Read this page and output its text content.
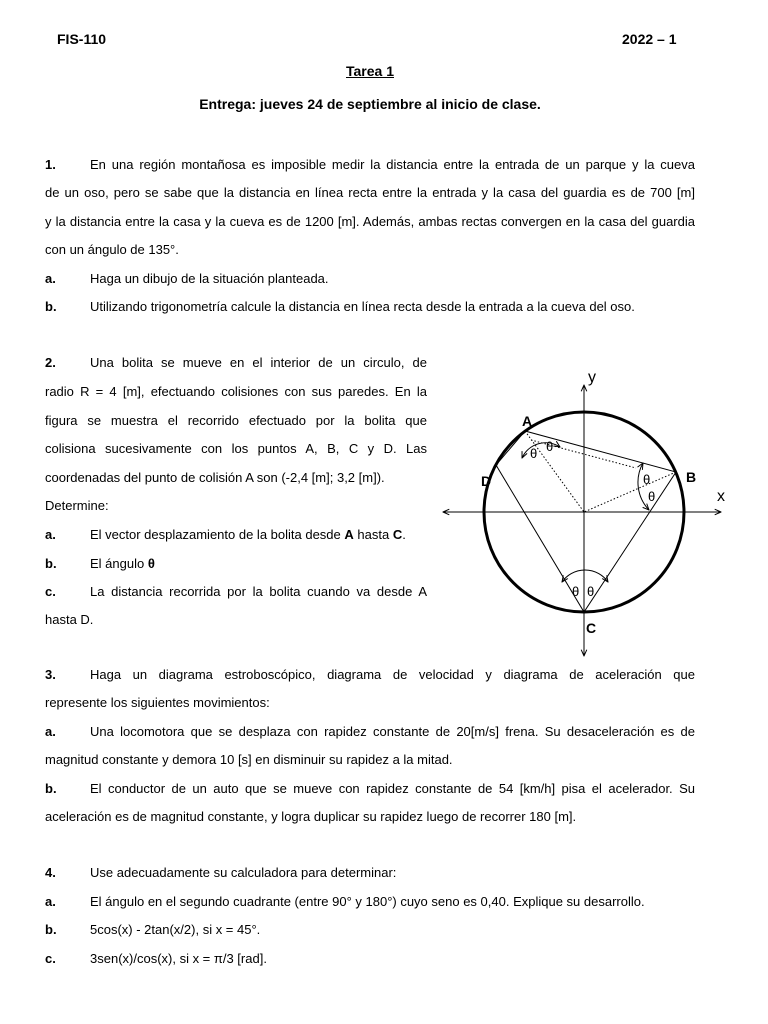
FIS-110	2022 – 1
Tarea 1
Entrega: jueves 24 de septiembre al inicio de clase.
1.	En una región montañosa es imposible medir la distancia entre la entrada de un parque y la cueva
de un oso, pero se sabe que la distancia en línea recta entre la entrada y la casa del guardia es de 700 [m]
y la distancia entre la casa y la cueva es de 1200 [m]. Además, ambas rectas convergen en la casa del guardia
con un ángulo de 135°.
a.	Haga un dibujo de la situación planteada.
b.	Utilizando trigonometría calcule la distancia en línea recta desde la entrada a la cueva del oso.
2.	Una bolita se mueve en el interior de un circulo, de
radio R = 4 [m], efectuando colisiones con sus paredes. En la
figura se muestra el recorrido efectuado por la bolita que
colisiona sucesivamente con los puntos A, B, C y D. Las
coordenadas del punto de colisión A son (-2,4 [m]; 3,2 [m]).
Determine:
a.	El vector desplazamiento de la bolita desde A hasta C.
b.	El ángulo θ
c.	La distancia recorrida por la bolita cuando va desde A
hasta D.
y
x
A
B
C
D
θ
θ
θ
θ
θ θ
3.	Haga un diagrama estroboscópico, diagrama de velocidad y diagrama de aceleración que
represente los siguientes movimientos:
a.	Una locomotora que se desplaza con rapidez constante de 20[m/s] frena. Su desaceleración es de
magnitud constante y demora 10 [s] en disminuir su rapidez a la mitad.
b.	El conductor de un auto que se mueve con rapidez constante de 54 [km/h] pisa el acelerador. Su
aceleración es de magnitud constante, y logra duplicar su rapidez luego de recorrer 180 [m].
4.	Use adecuadamente su calculadora para determinar:
a.	El ángulo en el segundo cuadrante (entre 90° y 180°) cuyo seno es 0,40. Explique su desarrollo.
b.	5cos(x) - 2tan(x/2), si x = 45°.
c.	3sen(x)/cos(x), si x = π/3 [rad].
